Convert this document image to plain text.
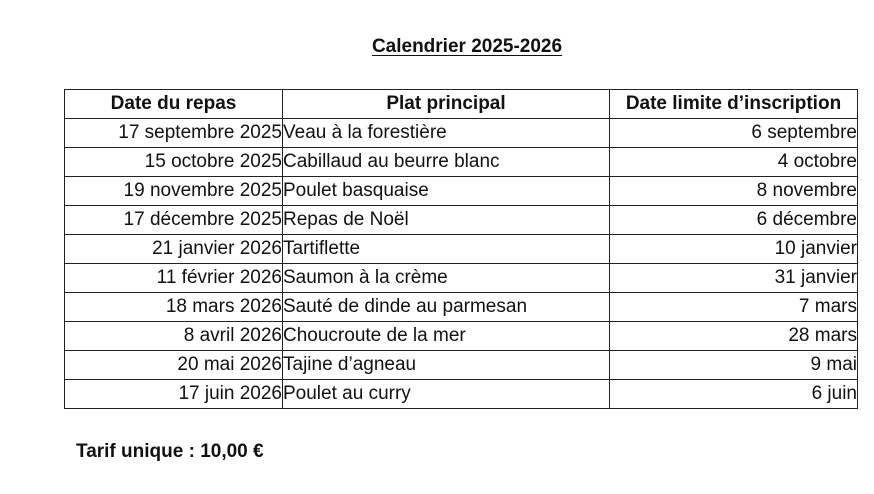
Calendrier 2025-2026
Date du repas	Plat principal	Date limite d’inscription
17 septembre 2025	Veau à la forestière	6 septembre
15 octobre 2025	Cabillaud au beurre blanc	4 octobre
19 novembre 2025	Poulet basquaise	8 novembre
17 décembre 2025	Repas de Noël	6 décembre
21 janvier 2026	Tartiflette	10 janvier
11 février 2026	Saumon à la crème	31 janvier
18 mars 2026	Sauté de dinde au parmesan	7 mars
8 avril 2026	Choucroute de la mer	28 mars
20 mai 2026	Tajine d’agneau	9 mai
17 juin 2026	Poulet au curry	6 juin

Tarif unique : 10,00 €
